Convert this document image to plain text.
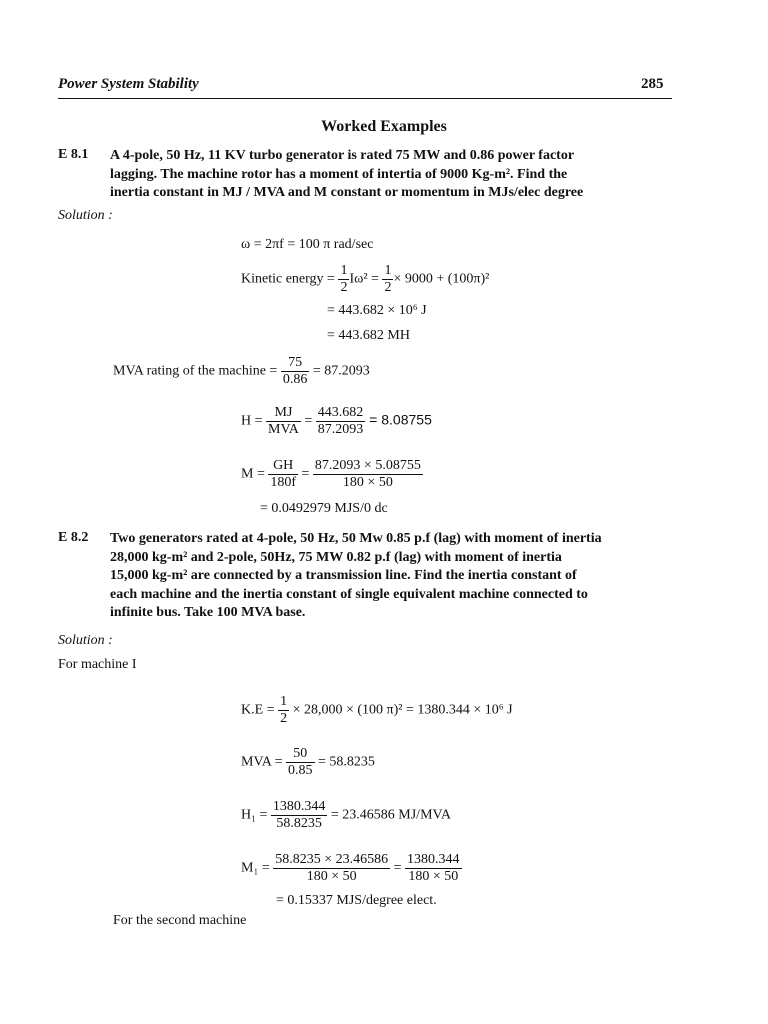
Power System Stability	285
Worked Examples
E 8.1 A 4-pole, 50 Hz, 11 KV turbo generator is rated 75 MW and 0.86 power factor
lagging. The machine rotor has a moment of intertia of 9000 Kg-m². Find the
inertia constant in MJ / MVA and M constant or momentum in MJs/elec degree
Solution :
ω = 2πf = 100 π rad/sec
Kinetic energy = $\frac{1}{2} I\omega^2 = \frac{1}{2} \times 9000 + (100\pi)^2$
= 443.682 × 10⁶ J
= 443.682 MH
MVA rating of the machine = $\frac{75}{0.86} = 87.2093$
$H = \frac{MJ}{\text{MVA}} = \frac{443.682}{87.2093} = 8.08755$
$M = \frac{GH}{180f} = \frac{87.2093 \times 5.08755}{180 \times 50}$
= 0.0492979 MJS/0 dc
E 8.2 Two generators rated at 4-pole, 50 Hz, 50 Mw 0.85 p.f (lag) with moment of inertia
28,000 kg-m² and 2-pole, 50Hz, 75 MW 0.82 p.f (lag) with moment of inertia
15,000 kg-m² are connected by a transmission line. Find the inertia constant of
each machine and the inertia constant of single equivalent machine connected to
infinite bus. Take 100 MVA base.
Solution :
For machine I
$K.E = \frac{1}{2} \times 28,000 \times (100$ π)² = 1380.344 × 10⁶ J
MVA = $\frac{50}{0.85} = 58.8235$
$H_1 = \frac{1380.344}{58.8235} = 23.46586$ MJ/MVA
$M_1 = \frac{58.8235 \times 23.46586}{180 \times 50} = \frac{1380.344}{180 \times 50}$
= 0.15337 MJS/degree elect.
For the second machine
